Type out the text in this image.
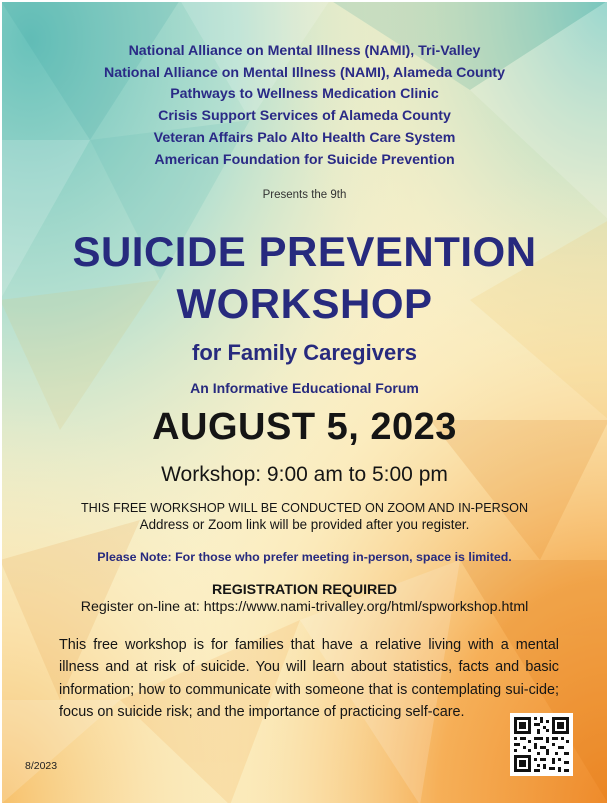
National Alliance on Mental Illness (NAMI), Tri-Valley
National Alliance on Mental Illness (NAMI), Alameda County
Pathways to Wellness Medication Clinic
Crisis Support Services of Alameda County
Veteran Affairs Palo Alto Health Care System
American Foundation for Suicide Prevention
Presents the 9th
SUICIDE PREVENTION
WORKSHOP
for Family Caregivers
An Informative Educational Forum
AUGUST 5, 2023
Workshop: 9:00 am to 5:00 pm
THIS FREE WORKSHOP WILL BE CONDUCTED ON ZOOM AND IN-PERSON
Address or Zoom link will be provided after you register.
Please Note: For those who prefer meeting in-person, space is limited.
REGISTRATION REQUIRED
Register on-line at: https://www.nami-trivalley.org/html/spworkshop.html
This free workshop is for families that have a relative living with a mental illness and at risk of suicide. You will learn about statistics, facts and basic information; how to communicate with someone that is contemplating sui-cide; focus on suicide risk; and the importance of practicing self-care.
8/2023
